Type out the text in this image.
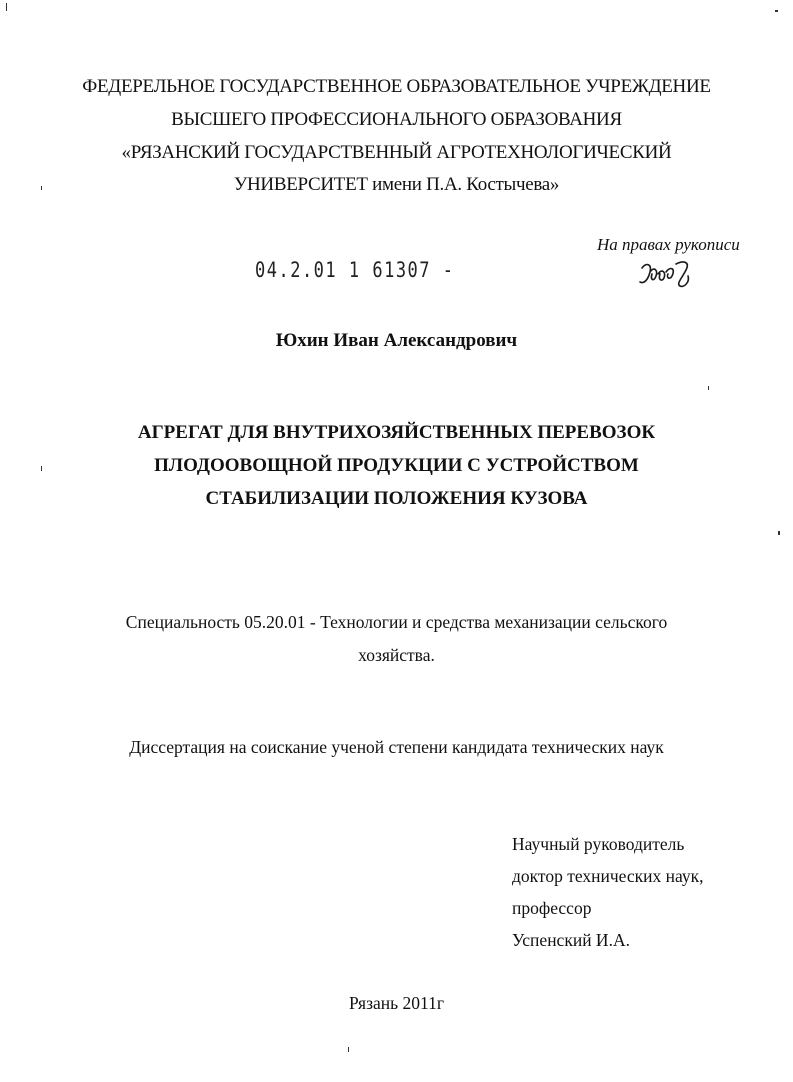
ФЕДЕРЕЛЬНОЕ ГОСУДАРСТВЕННОЕ ОБРАЗОВАТЕЛЬНОЕ УЧРЕЖДЕНИЕ
ВЫСШЕГО ПРОФЕССИОНАЛЬНОГО ОБРАЗОВАНИЯ
«РЯЗАНСКИЙ ГОСУДАРСТВЕННЫЙ АГРОТЕХНОЛОГИЧЕСКИЙ
УНИВЕРСИТЕТ имени П.А. Костычева»
На правах рукописи
04.2.01 1 61307 -
Юхин Иван Александрович
АГРЕГАТ ДЛЯ ВНУТРИХОЗЯЙСТВЕННЫХ ПЕРЕВОЗОК
ПЛОДООВОЩНОЙ ПРОДУКЦИИ С УСТРОЙСТВОМ
СТАБИЛИЗАЦИИ ПОЛОЖЕНИЯ КУЗОВА
Специальность 05.20.01 - Технологии и средства механизации сельского
хозяйства.
Диссертация на соискание ученой степени кандидата технических наук
Научный руководитель
доктор технических наук,
профессор
Успенский И.А.
Рязань 2011г
